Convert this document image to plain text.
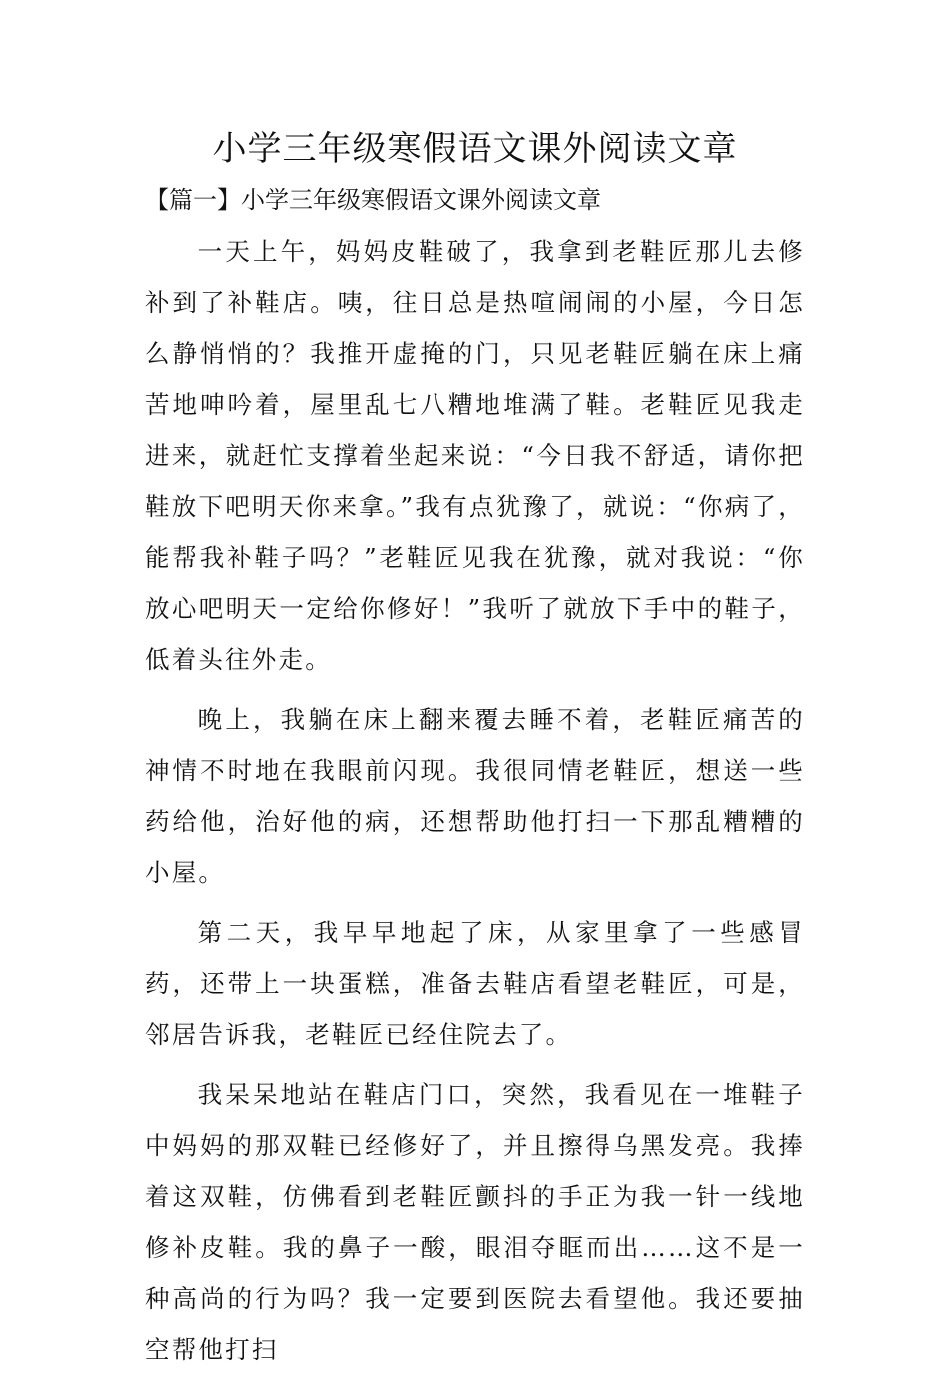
小学三年级寒假语文课外阅读文章
【篇一】小学三年级寒假语文课外阅读文章

一天上午，妈妈皮鞋破了，我拿到老鞋匠那儿去修补到了补鞋店。咦，往日总是热喧闹闹的小屋，今日怎么静悄悄的？我推开虚掩的门，只见老鞋匠躺在床上痛苦地呻吟着，屋里乱七八糟地堆满了鞋。老鞋匠见我走进来，就赶忙支撑着坐起来说：“今日我不舒适，请你把鞋放下吧明天你来拿。”我有点犹豫了，就说：“你病了，能帮我补鞋子吗？”老鞋匠见我在犹豫，就对我说：“你放心吧明天一定给你修好！”我听了就放下手中的鞋子，低着头往外走。

晚上，我躺在床上翻来覆去睡不着，老鞋匠痛苦的神情不时地在我眼前闪现。我很同情老鞋匠，想送一些药给他，治好他的病，还想帮助他打扫一下那乱糟糟的小屋。

第二天，我早早地起了床，从家里拿了一些感冒药，还带上一块蛋糕，准备去鞋店看望老鞋匠，可是，邻居告诉我，老鞋匠已经住院去了。

我呆呆地站在鞋店门口，突然，我看见在一堆鞋子中妈妈的那双鞋已经修好了，并且擦得乌黑发亮。我捧着这双鞋，仿佛看到老鞋匠颤抖的手正为我一针一线地修补皮鞋。我的鼻子一酸，眼泪夺眶而出……这不是一种高尚的行为吗？我一定要到医院去看望他。我还要抽空帮他打扫
